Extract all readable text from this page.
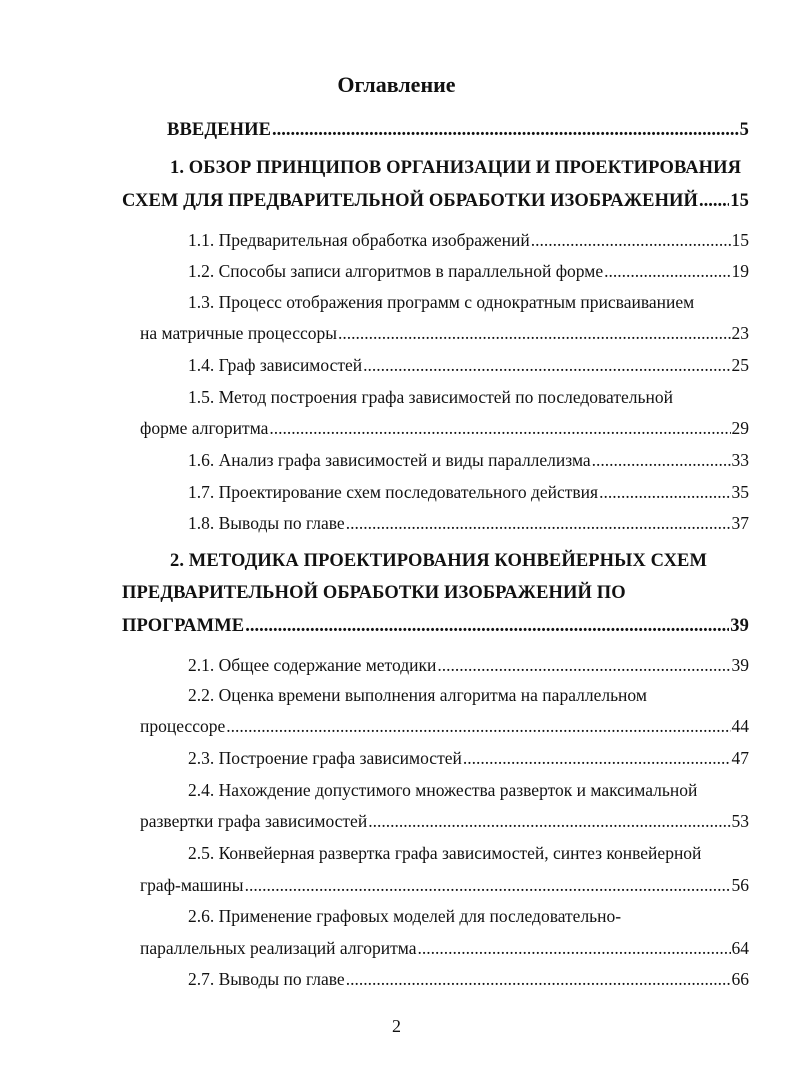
Оглавление
ВВЕДЕНИЕ .....	5
1. ОБЗОР ПРИНЦИПОВ ОРГАНИЗАЦИИ И ПРОЕКТИРОВАНИЯ
СХЕМ ДЛЯ ПРЕДВАРИТЕЛЬНОЙ ОБРАБОТКИ ИЗОБРАЖЕНИЙ ..... 15
1.1. Предварительная обработка изображений .....	15
1.2. Способы записи алгоритмов в параллельной форме .....	19
1.3. Процесс отображения программ с однократным присваиванием
на матричные процессоры .....	23
1.4. Граф зависимостей .....	25
1.5. Метод построения графа зависимостей по последовательной
форме алгоритма .....	29
1.6. Анализ графа зависимостей и виды параллелизма .....	33
1.7. Проектирование схем последовательного действия .....	35
1.8. Выводы по главе .....	37
2. МЕТОДИКА ПРОЕКТИРОВАНИЯ КОНВЕЙЕРНЫХ СХЕМ
ПРЕДВАРИТЕЛЬНОЙ ОБРАБОТКИ ИЗОБРАЖЕНИЙ ПО
ПРОГРАММЕ .....	39
2.1. Общее содержание методики .....	39
2.2. Оценка времени выполнения алгоритма на параллельном
процессоре .....	44
2.3. Построение графа зависимостей .....	47
2.4. Нахождение допустимого множества разверток и максимальной
развертки графа зависимостей .....	53
2.5. Конвейерная развертка графа зависимостей, синтез конвейерной
граф-машины .....	56
2.6. Применение графовых моделей для последовательно-
параллельных реализаций алгоритма .....	64
2.7. Выводы по главе .....	66
2
